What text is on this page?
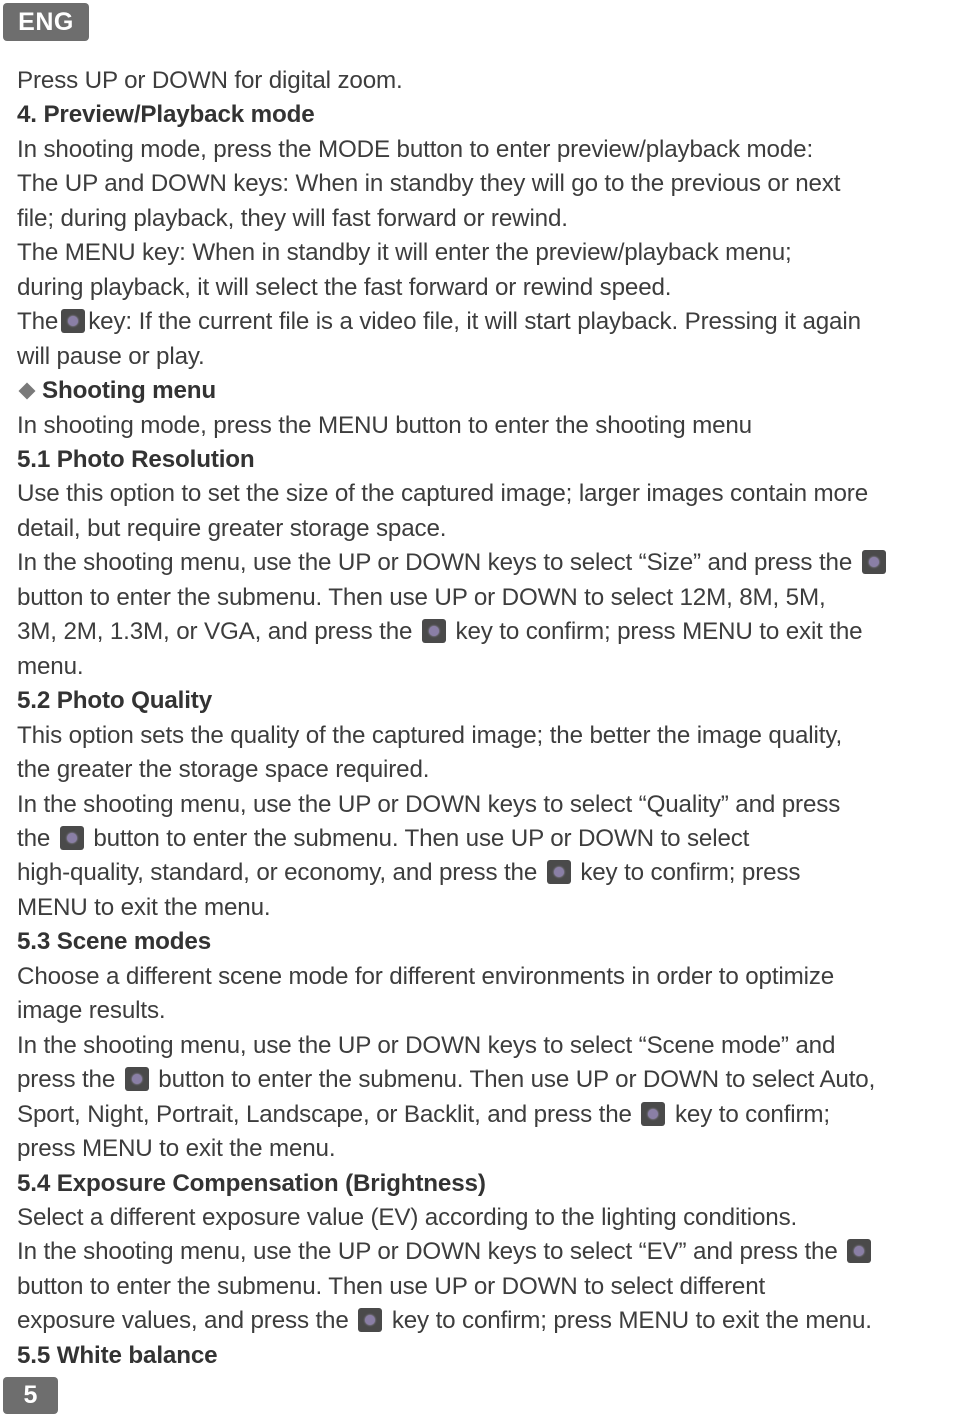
ENG

Press UP or DOWN for digital zoom.

4. Preview/Playback mode

In shooting mode, press the MODE button to enter preview/playback mode:

The UP and DOWN keys: When in standby they will go to the previous or next

file; during playback, they will fast forward or rewind.

The MENU key: When in standby it will enter the preview/playback menu;

during playback, it will select the fast forward or rewind speed.

The key: If the current file is a video file, it will start playback. Pressing it again

will pause or play.

Shooting menu

In shooting mode, press the MENU button to enter the shooting menu

5.1 Photo Resolution

Use this option to set the size of the captured image; larger images contain more

detail, but require greater storage space.

In the shooting menu, use the UP or DOWN keys to select “Size” and press the

button to enter the submenu. Then use UP or DOWN to select 12M, 8M, 5M,

3M, 2M, 1.3M, or VGA, and press the key to confirm; press MENU to exit the

menu.

5.2 Photo Quality

This option sets the quality of the captured image; the better the image quality,

the greater the storage space required.

In the shooting menu, use the UP or DOWN keys to select “Quality” and press

the button to enter the submenu. Then use UP or DOWN to select

high-quality, standard, or economy, and press the key to confirm; press

MENU to exit the menu.

5.3 Scene modes

Choose a different scene mode for different environments in order to optimize

image results.

In the shooting menu, use the UP or DOWN keys to select “Scene mode” and

press the button to enter the submenu. Then use UP or DOWN to select Auto,

Sport, Night, Portrait, Landscape, or Backlit, and press the key to confirm;

press MENU to exit the menu.

5.4 Exposure Compensation (Brightness)

Select a different exposure value (EV) according to the lighting conditions.

In the shooting menu, use the UP or DOWN keys to select “EV” and press the

button to enter the submenu. Then use UP or DOWN to select different

exposure values, and press the key to confirm; press MENU to exit the menu.

5.5 White balance

5
